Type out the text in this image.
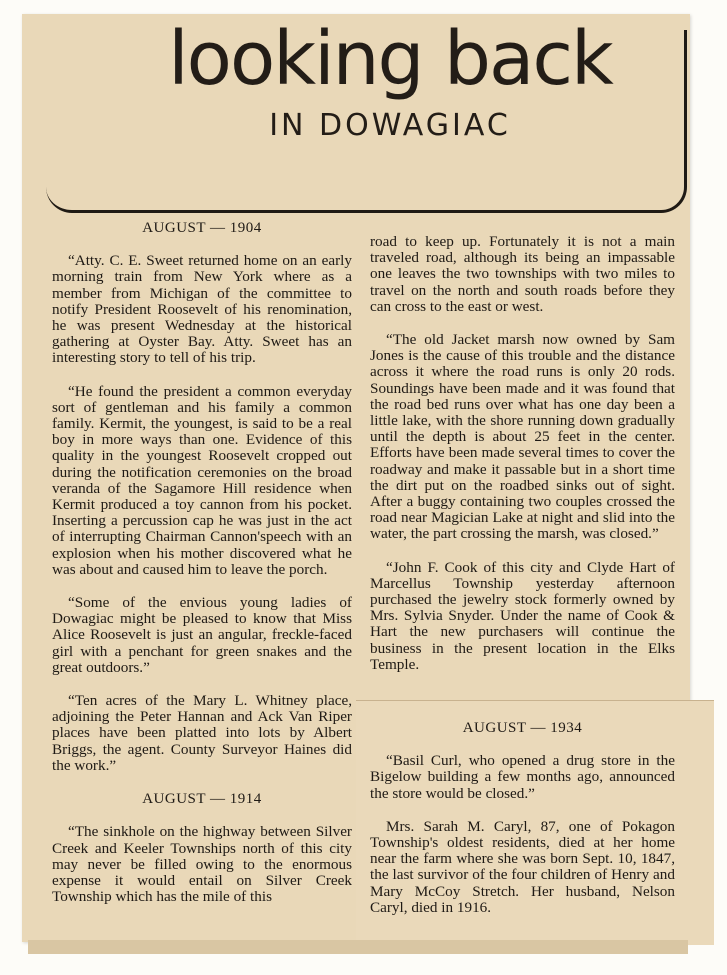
looking back
IN DOWAGIAC
AUGUST — 1904

“Atty. C. E. Sweet returned home on an early morning train from New York where as a member from Michigan of the committee to notify President Roosevelt of his renomination, he was present Wednesday at the historical gathering at Oyster Bay. Atty. Sweet has an interesting story to tell of his trip.

“He found the president a common everyday sort of gentleman and his family a common family. Kermit, the youngest, is said to be a real boy in more ways than one. Evidence of this quality in the youngest Roosevelt cropped out during the notification ceremonies on the broad veranda of the Sagamore Hill residence when Kermit produced a toy cannon from his pocket. Inserting a percussion cap he was just in the act of interrupting Chairman Cannon'speech with an explosion when his mother discovered what he was about and caused him to leave the porch.

“Some of the envious young ladies of Dowagiac might be pleased to know that Miss Alice Roosevelt is just an angular, freckle-faced girl with a penchant for green snakes and the great outdoors.”

“Ten acres of the Mary L. Whitney place, adjoining the Peter Hannan and Ack Van Riper places have been platted into lots by Albert Briggs, the agent. County Surveyor Haines did the work.”

AUGUST — 1914

“The sinkhole on the highway between Silver Creek and Keeler Townships north of this city may never be filled owing to the enormous expense it would entail on Silver Creek Township which has the mile of this

road to keep up. Fortunately it is not a main traveled road, although its being an impassable one leaves the two townships with two miles to travel on the north and south roads before they can cross to the east or west.

“The old Jacket marsh now owned by Sam Jones is the cause of this trouble and the distance across it where the road runs is only 20 rods. Soundings have been made and it was found that the road bed runs over what has one day been a little lake, with the shore running down gradually until the depth is about 25 feet in the center. Efforts have been made several times to cover the roadway and make it passable but in a short time the dirt put on the roadbed sinks out of sight. After a buggy containing two couples crossed the road near Magician Lake at night and slid into the water, the part crossing the marsh, was closed.”

“John F. Cook of this city and Clyde Hart of Marcellus Township yesterday afternoon purchased the jewelry stock formerly owned by Mrs. Sylvia Snyder. Under the name of Cook & Hart the new purchasers will continue the business in the present location in the Elks Temple.

AUGUST — 1934

“Basil Curl, who opened a drug store in the Bigelow building a few months ago, announced the store would be closed.”

Mrs. Sarah M. Caryl, 87, one of Pokagon Township's oldest residents, died at her home near the farm where she was born Sept. 10, 1847, the last survivor of the four children of Henry and Mary McCoy Stretch. Her husband, Nelson Caryl, died in 1916.
